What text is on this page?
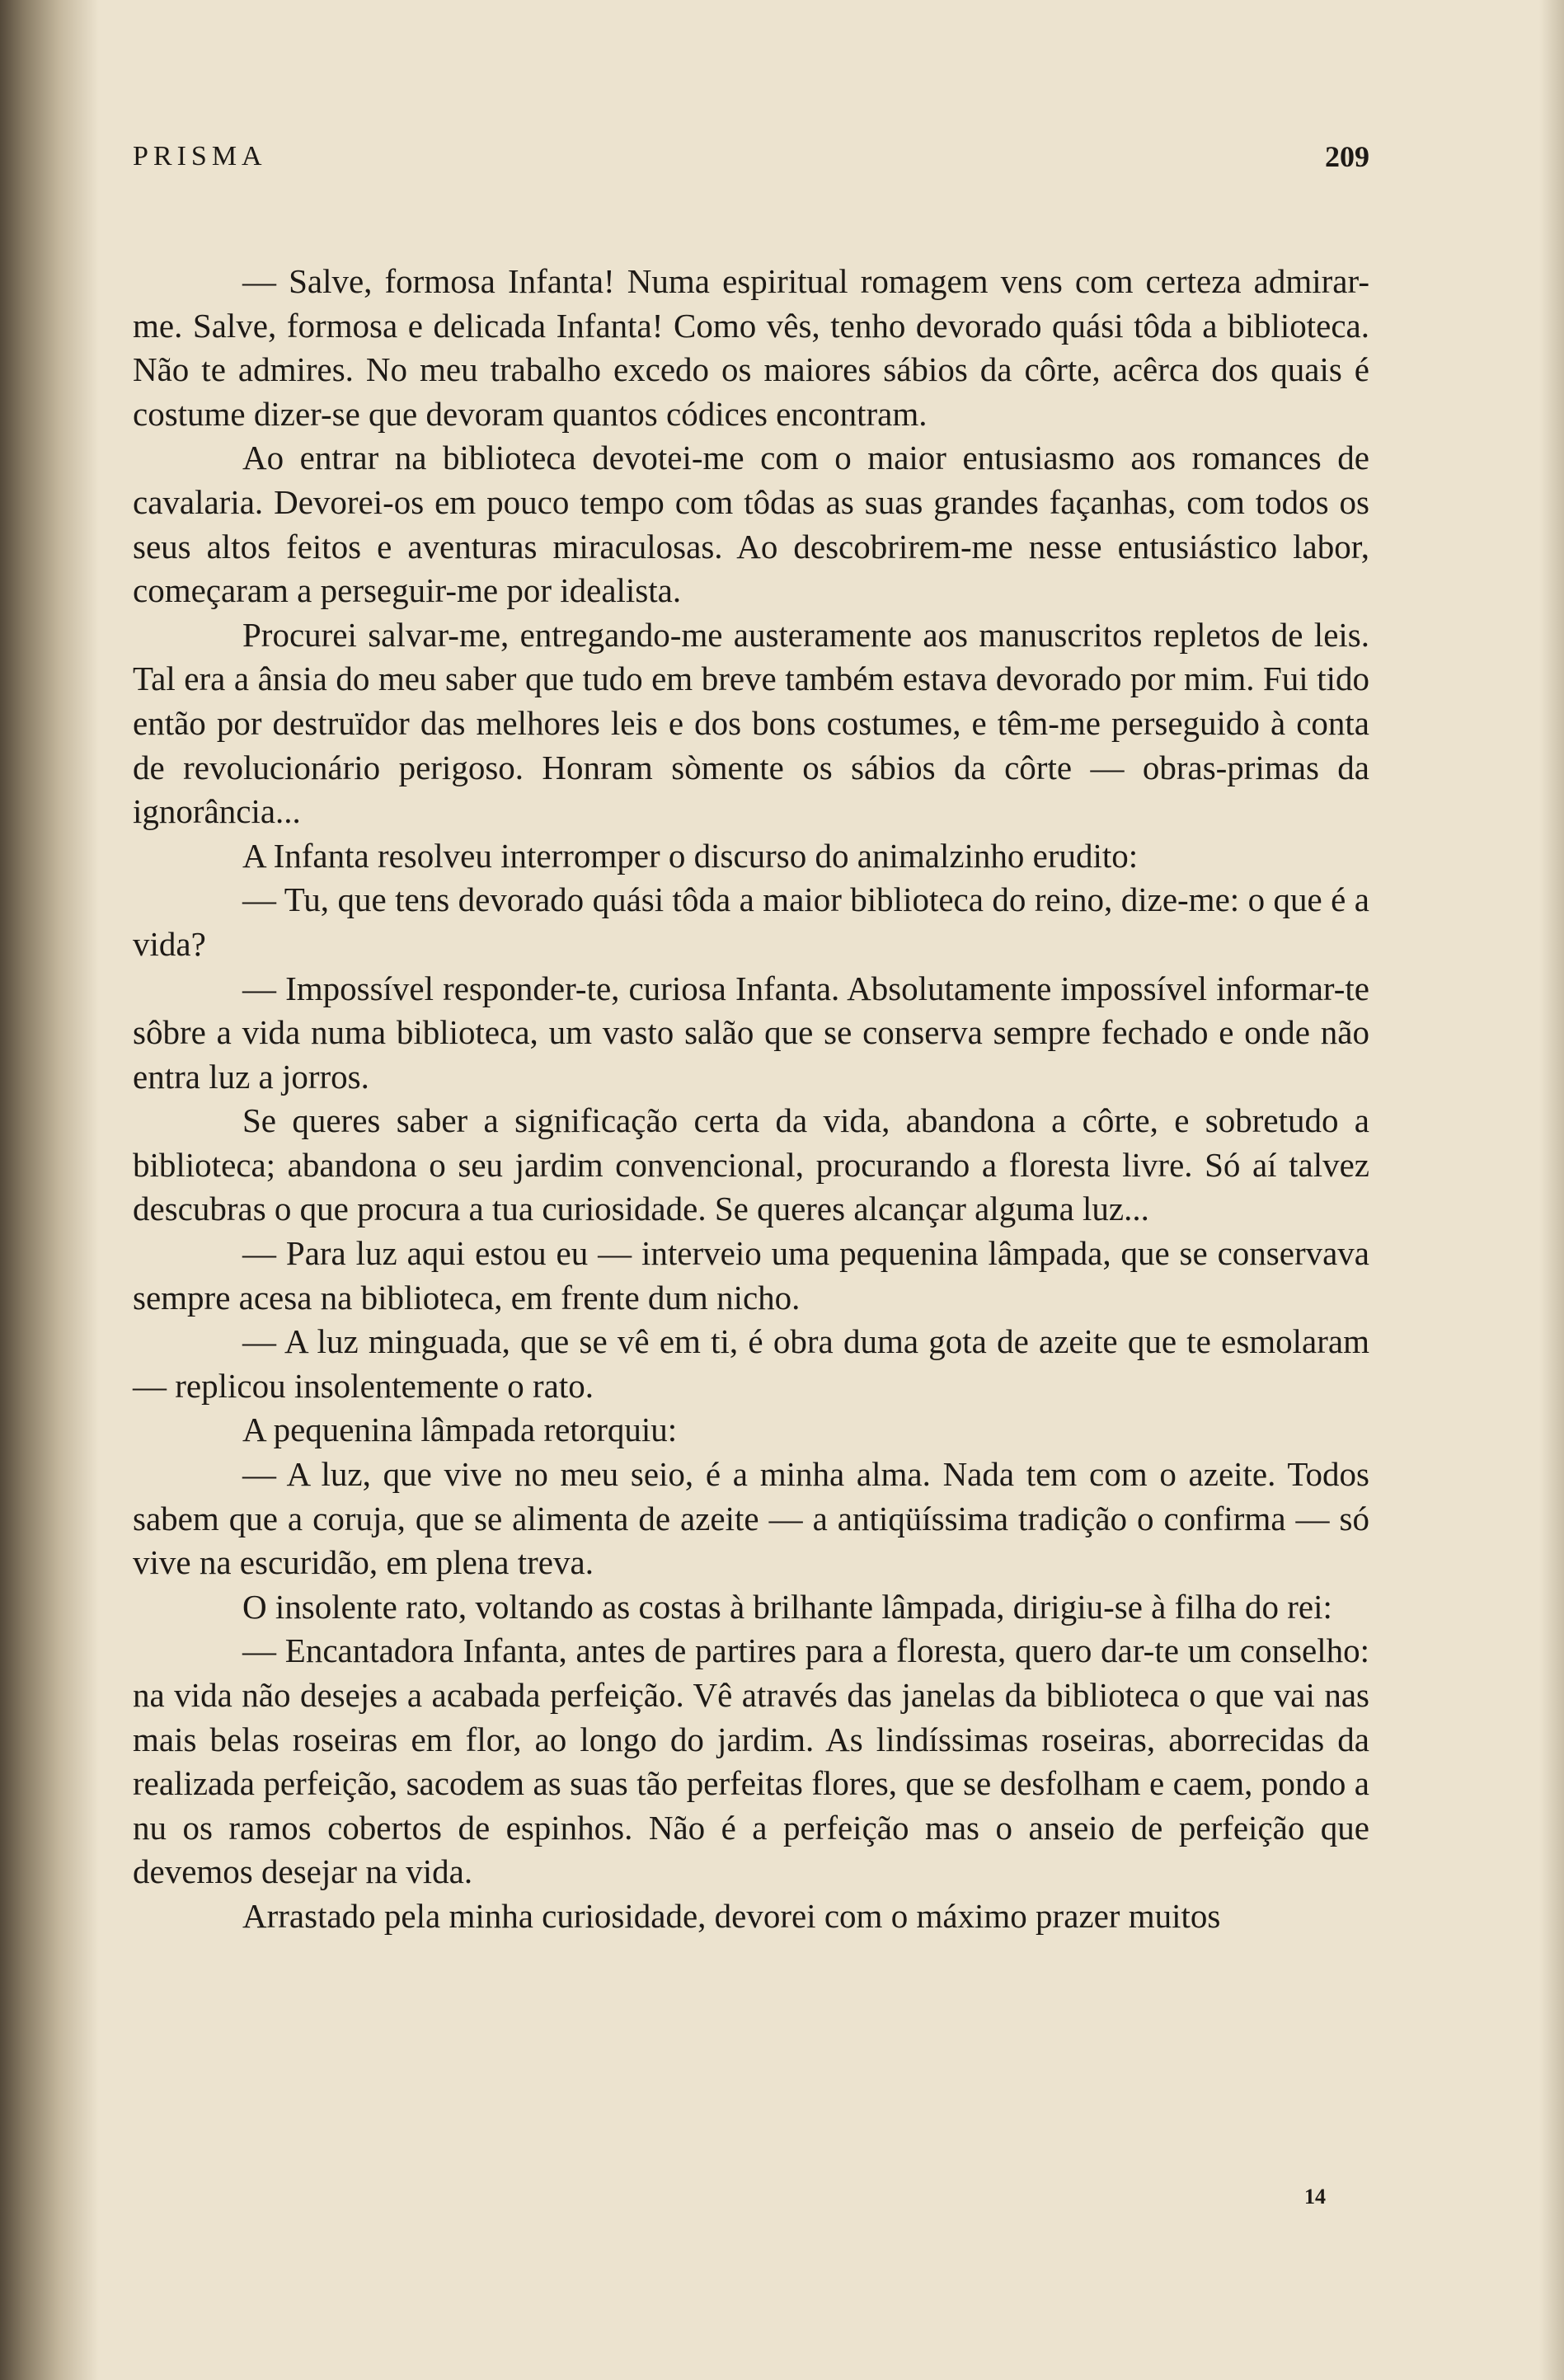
PRISMA	209

— Salve, formosa Infanta! Numa espiritual romagem vens com certeza admirar-me. Salve, formosa e delicada Infanta! Como vês, tenho devorado quási tôda a biblioteca. Não te admires. No meu trabalho excedo os maiores sábios da côrte, acêrca dos quais é costume dizer-se que devoram quantos códices encontram.

Ao entrar na biblioteca devotei-me com o maior entusiasmo aos romances de cavalaria. Devorei-os em pouco tempo com tôdas as suas grandes façanhas, com todos os seus altos feitos e aventuras miraculosas. Ao descobrirem-me nesse entusiástico labor, começaram a perseguir-me por idealista.

Procurei salvar-me, entregando-me austeramente aos manuscritos repletos de leis. Tal era a ânsia do meu saber que tudo em breve também estava devorado por mim. Fui tido então por destruïdor das melhores leis e dos bons costumes, e têm-me perseguido à conta de revolucionário perigoso. Honram sòmente os sábios da côrte — obras-primas da ignorância...

A Infanta resolveu interromper o discurso do animalzinho erudito:

— Tu, que tens devorado quási tôda a maior biblioteca do reino, dize-me: o que é a vida?

— Impossível responder-te, curiosa Infanta. Absolutamente impossível informar-te sôbre a vida numa biblioteca, um vasto salão que se conserva sempre fechado e onde não entra luz a jorros.

Se queres saber a significação certa da vida, abandona a côrte, e sobretudo a biblioteca; abandona o seu jardim convencional, procurando a floresta livre. Só aí talvez descubras o que procura a tua curiosidade. Se queres alcançar alguma luz...

— Para luz aqui estou eu — interveio uma pequenina lâmpada, que se conservava sempre acesa na biblioteca, em frente dum nicho.

— A luz minguada, que se vê em ti, é obra duma gota de azeite que te esmolaram — replicou insolentemente o rato.

A pequenina lâmpada retorquiu:

— A luz, que vive no meu seio, é a minha alma. Nada tem com o azeite. Todos sabem que a coruja, que se alimenta de azeite — a antiqüíssima tradição o confirma — só vive na escuridão, em plena treva.

O insolente rato, voltando as costas à brilhante lâmpada, dirigiu-se à filha do rei:

— Encantadora Infanta, antes de partires para a floresta, quero dar-te um conselho: na vida não desejes a acabada perfeição. Vê através das janelas da biblioteca o que vai nas mais belas roseiras em flor, ao longo do jardim. As lindíssimas roseiras, aborrecidas da realizada perfeição, sacodem as suas tão perfeitas flores, que se desfolham e caem, pondo a nu os ramos cobertos de espinhos. Não é a perfeição mas o anseio de perfeição que devemos desejar na vida.

Arrastado pela minha curiosidade, devorei com o máximo prazer muitos

14
